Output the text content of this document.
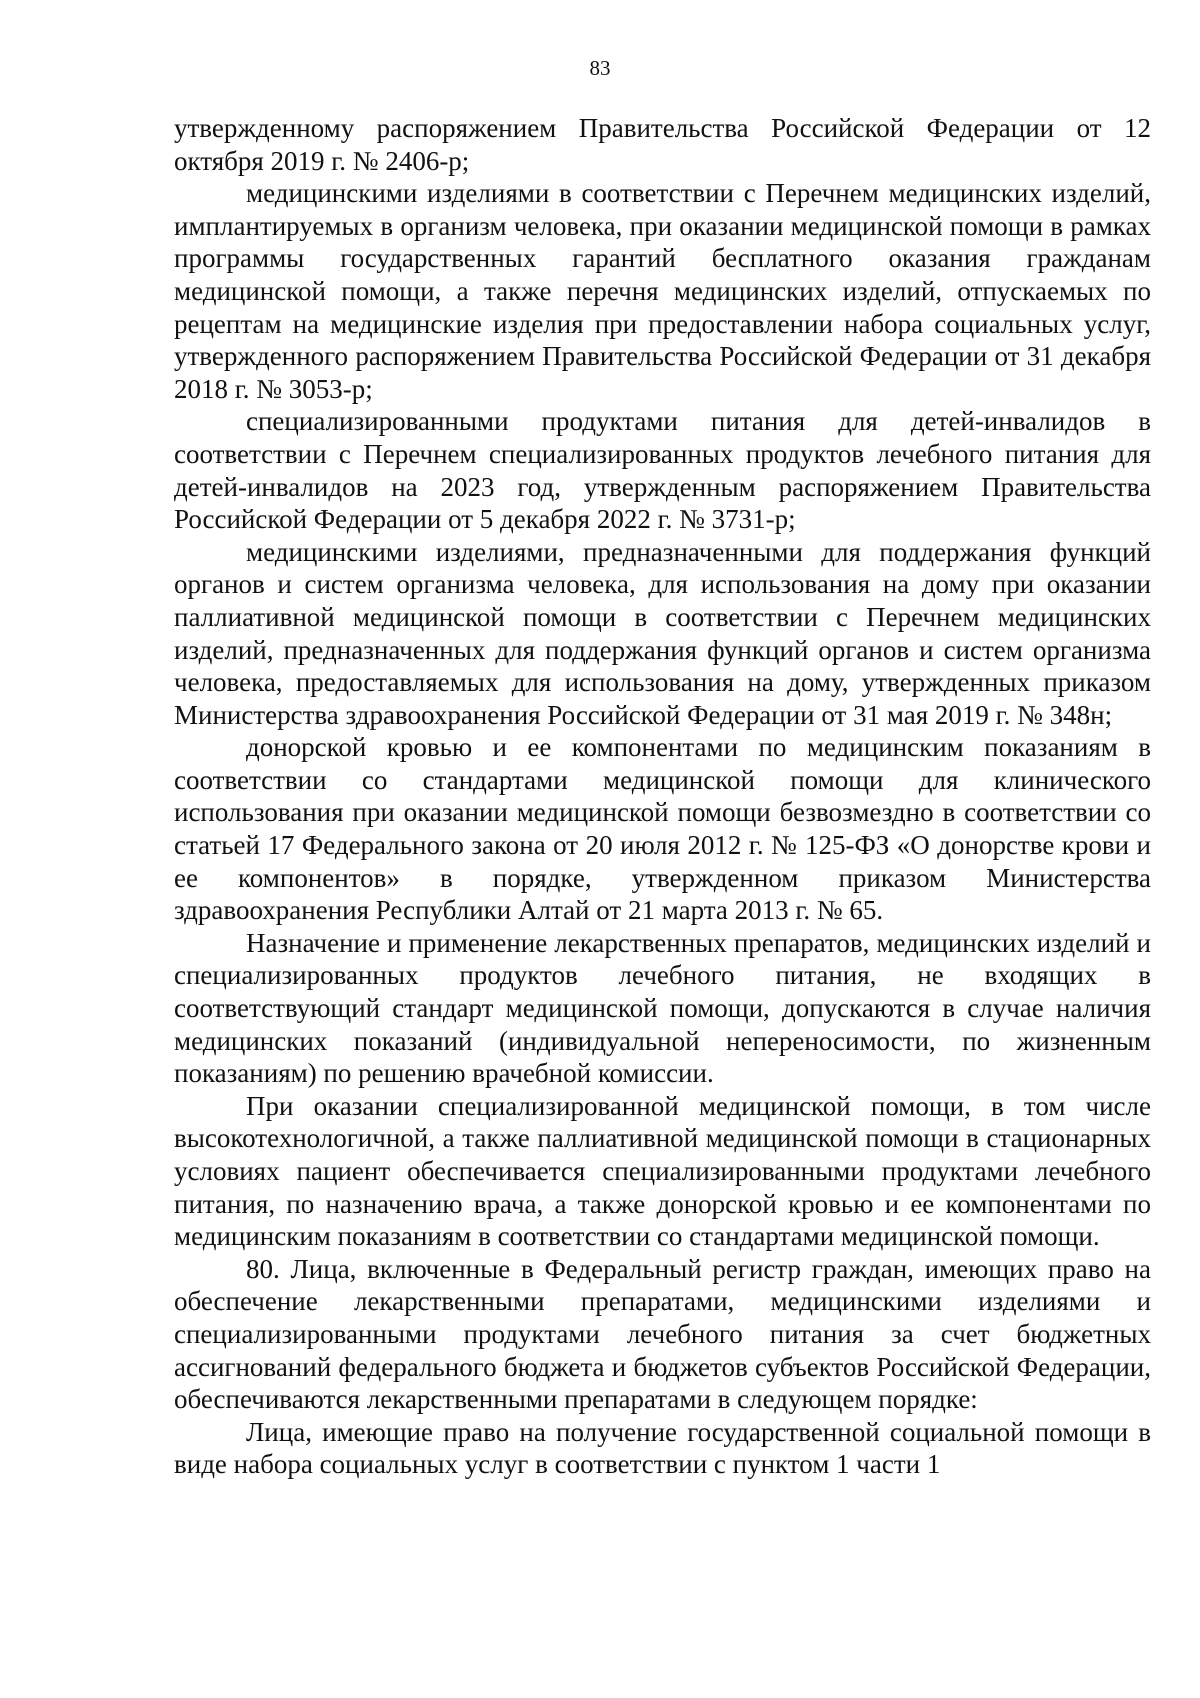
83

утвержденному распоряжением Правительства Российской Федерации от 12 октября 2019 г. № 2406-р;

медицинскими изделиями в соответствии с Перечнем медицинских изделий, имплантируемых в организм человека, при оказании медицинской помощи в рамках программы государственных гарантий бесплатного оказания гражданам медицинской помощи, а также перечня медицинских изделий, отпускаемых по рецептам на медицинские изделия при предоставлении набора социальных услуг, утвержденного распоряжением Правительства Российской Федерации от 31 декабря 2018 г. № 3053-р;

специализированными продуктами питания для детей-инвалидов в соответствии с Перечнем специализированных продуктов лечебного питания для детей-инвалидов на 2023 год, утвержденным распоряжением Правительства Российской Федерации от 5 декабря 2022 г. № 3731-р;

медицинскими изделиями, предназначенными для поддержания функций органов и систем организма человека, для использования на дому при оказании паллиативной медицинской помощи в соответствии с Перечнем медицинских изделий, предназначенных для поддержания функций органов и систем организма человека, предоставляемых для использования на дому, утвержденных приказом Министерства здравоохранения Российской Федерации от 31 мая 2019 г. № 348н;

донорской кровью и ее компонентами по медицинским показаниям в соответствии со стандартами медицинской помощи для клинического использования при оказании медицинской помощи безвозмездно в соответствии со статьей 17 Федерального закона от 20 июля 2012 г. № 125-ФЗ «О донорстве крови и ее компонентов» в порядке, утвержденном приказом Министерства здравоохранения Республики Алтай от 21 марта 2013 г. № 65.

Назначение и применение лекарственных препаратов, медицинских изделий и специализированных продуктов лечебного питания, не входящих в соответствующий стандарт медицинской помощи, допускаются в случае наличия медицинских показаний (индивидуальной непереносимости, по жизненным показаниям) по решению врачебной комиссии.

При оказании специализированной медицинской помощи, в том числе высокотехнологичной, а также паллиативной медицинской помощи в стационарных условиях пациент обеспечивается специализированными продуктами лечебного питания, по назначению врача, а также донорской кровью и ее компонентами по медицинским показаниям в соответствии со стандартами медицинской помощи.

80. Лица, включенные в Федеральный регистр граждан, имеющих право на обеспечение лекарственными препаратами, медицинскими изделиями и специализированными продуктами лечебного питания за счет бюджетных ассигнований федерального бюджета и бюджетов субъектов Российской Федерации, обеспечиваются лекарственными препаратами в следующем порядке:

Лица, имеющие право на получение государственной социальной помощи в виде набора социальных услуг в соответствии с пунктом 1 части 1
